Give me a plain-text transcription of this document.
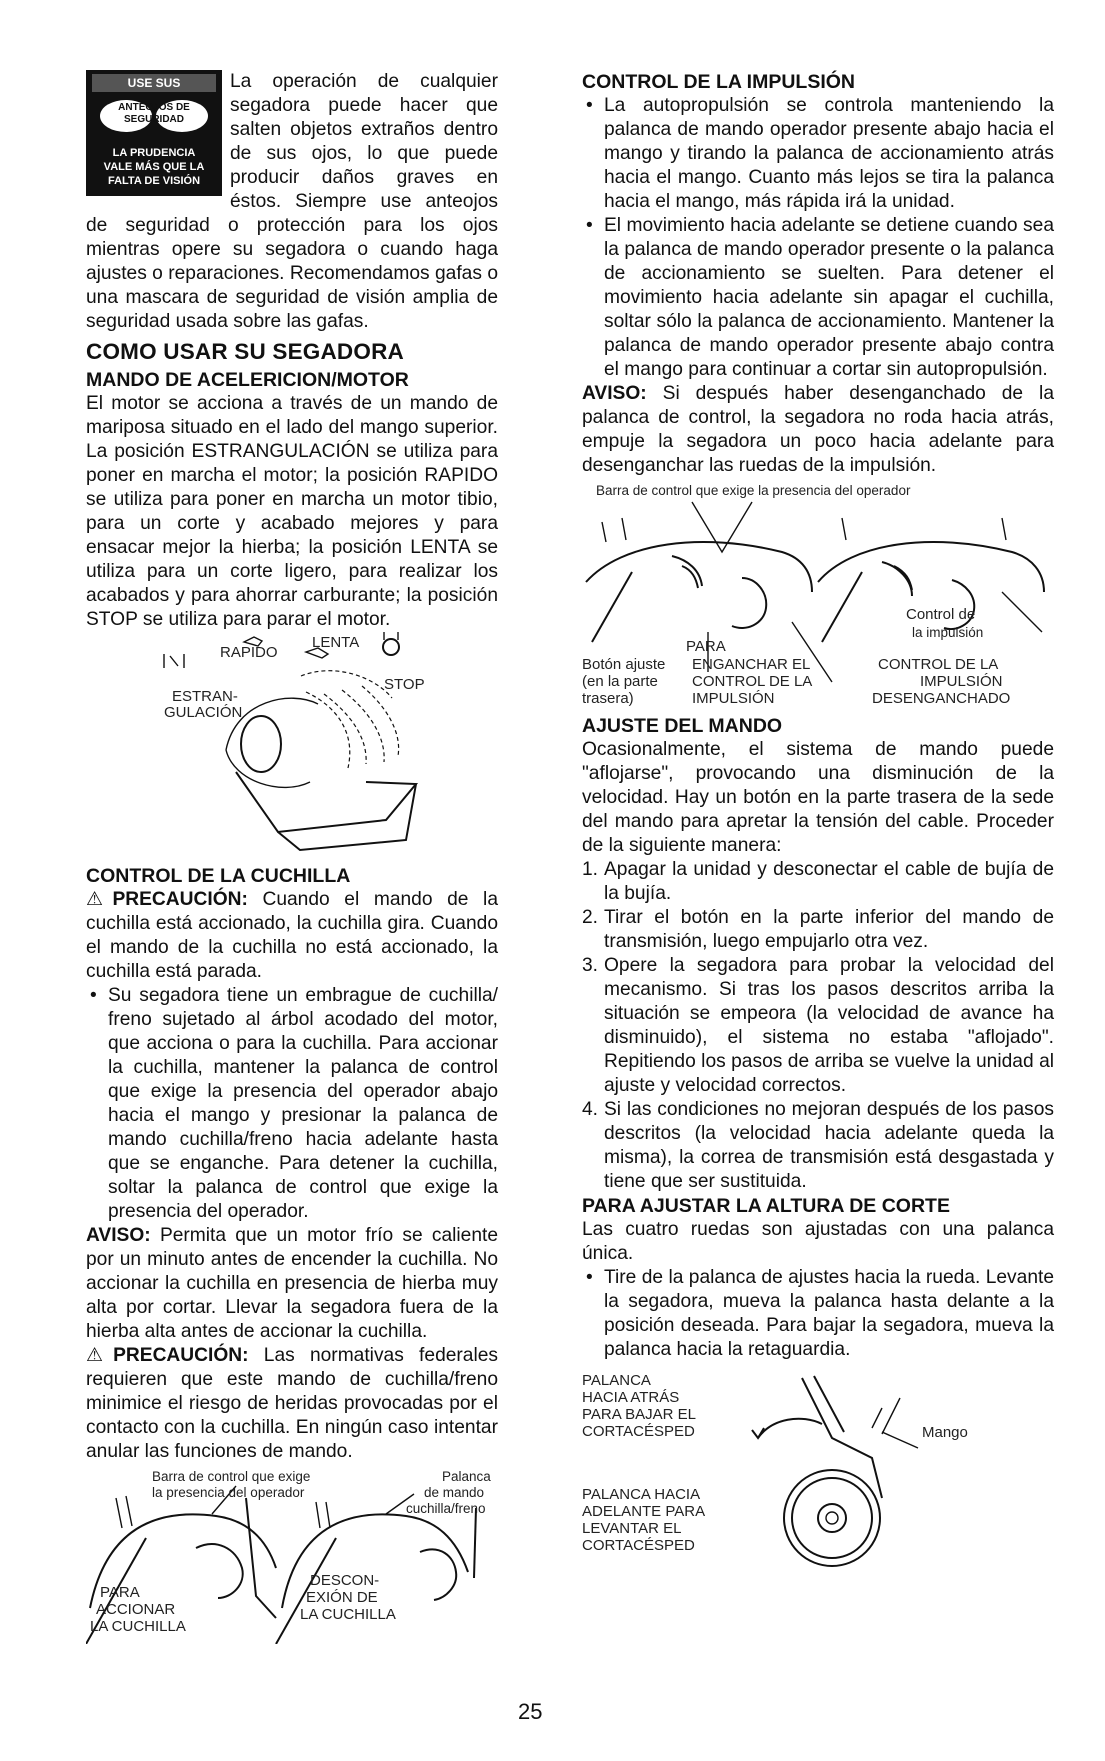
USE SUS
ANTEOJOS DE
SEGURIDAD
LA PRUDENCIA
VALE MÁS QUE LA
FALTA DE VISIÓN

La operación de cualquier segadora puede hacer que salten objetos extraños dentro de sus ojos, lo que puede producir daños graves en éstos. Siempre use anteojos de seguridad o protección para los ojos mientras opere su segadora o cuando haga ajustes o reparaciones. Recomendamos gafas o una mascara de seguridad de visión amplia de seguridad usada sobre las gafas.

COMO USAR SU SEGADORA
MANDO DE ACELERICION/MOTOR

El motor se acciona a través de un mando de mariposa situado en el lado del mango superior. La posición ESTRANGULACIÓN se utiliza para poner en marcha el motor; la posición RAPIDO se utiliza para poner en marcha un motor tibio, para un corte y acabado mejores y para ensacar mejor la hierba; la posición LENTA se utiliza para un corte ligero, para realizar los acabados y para ahorrar carburante; la posición STOP se utiliza para parar el motor.

RAPIDO
LENTA
STOP
ESTRAN-
GULACIÓN
CONTROL DE LA CUCHILLA

⚠PRECAUCIÓN: Cuando el mando de la cuchilla está accionado, la cuchilla gira. Cuando el mando de la cuchilla no está accionado, la cuchilla está parada.

• Su segadora tiene un embrague de cuchilla/ freno sujetado al árbol acodado del motor, que acciona o para la cuchilla. Para accionar la cuchilla, mantener la palanca de control que exige la presencia del operador abajo hacia el mango y presionar la palanca de mando cuchilla/freno hacia adelante hasta que se enganche. Para detener la cuchilla, soltar la palanca de control que exige la presencia del operador.

AVISO: Permita que un motor frío se caliente por un minuto antes de encender la cuchilla. No accionar la cuchilla en presencia de hierba muy alta por cortar. Llevar la segadora fuera de la hierba alta antes de accionar la cuchilla.

⚠PRECAUCIÓN: Las normativas federales requieren que este mando de cuchilla/freno minimice el riesgo de heridas provocadas por el contacto con la cuchilla. En ningún caso intentar anular las funciones de mando.

Barra de control que exige
la presencia del operador
Palanca
de mando
cuchilla/freno
PARA
ACCIONAR
LA CUCHILLA
DESCON-
EXIÓN DE
LA CUCHILLA
25
CONTROL DE LA IMPULSIÓN
• La autopropulsión se controla manteniendo la palanca de mando operador presente abajo hacia el mango y tirando la palanca de accionamiento atrás hacia el mango. Cuanto más lejos se tira la palanca hacia el mango, más rápida irá la unidad.
• El movimiento hacia adelante se detiene cuando sea la palanca de mando operador presente o la palanca de accionamiento se suelten. Para detener el movimiento hacia adelante sin apagar el cuchilla, soltar sólo la palanca de accionamiento. Mantener la palanca de mando operador presente abajo contra el mango para continuar a cortar sin autopropulsión.

AVISO: Si después haber desenganchado de la palanca de control, la segadora no roda hacia atrás, empuje la segadora un poco hacia adelante para desenganchar las ruedas de la impulsión.

Barra de control que exige la presencia del operador
Control de
la impulsión
PARA
Botón ajuste
(en la parte
trasera)
ENGANCHAR EL
CONTROL DE LA
IMPULSIÓN
CONTROL DE LA
IMPULSIÓN
DESENGANCHADO
AJUSTE DEL MANDO

Ocasionalmente, el sistema de mando puede "aflojarse", provocando una disminución de la velocidad. Hay un botón en la parte trasera de la sede del mando para apretar la tensión del cable. Proceder de la siguiente manera:

1. Apagar la unidad y desconectar el cable de bujía de la bujía.
2. Tirar el botón en la parte inferior del mando de transmisión, luego empujarlo otra vez.
3. Opere la segadora para probar la velocidad del mecanismo. Si tras los pasos descritos arriba la situación se empeora (la velocidad de avance ha disminuido), el sistema no estaba "aflojado". Repitiendo los pasos de arriba se vuelve la unidad al ajuste y velocidad correctos.
4. Si las condiciones no mejoran después de los pasos descritos (la velocidad hacia adelante queda la misma), la correa de transmisión está desgastada y tiene que ser sustituida.
PARA AJUSTAR LA ALTURA DE CORTE

Las cuatro ruedas son ajustadas con una palanca única.

• Tire de la palanca de ajustes hacia la rueda. Levante la segadora, mueva la palanca hasta delante a la posición deseada. Para bajar la segadora, mueva la palanca hacia la retaguardia.
PALANCA
HACIA ATRÁS
PARA BAJAR EL
CORTACÉSPED	Mango
PALANCA HACIA
ADELANTE PARA
LEVANTAR EL
CORTACÉSPED
